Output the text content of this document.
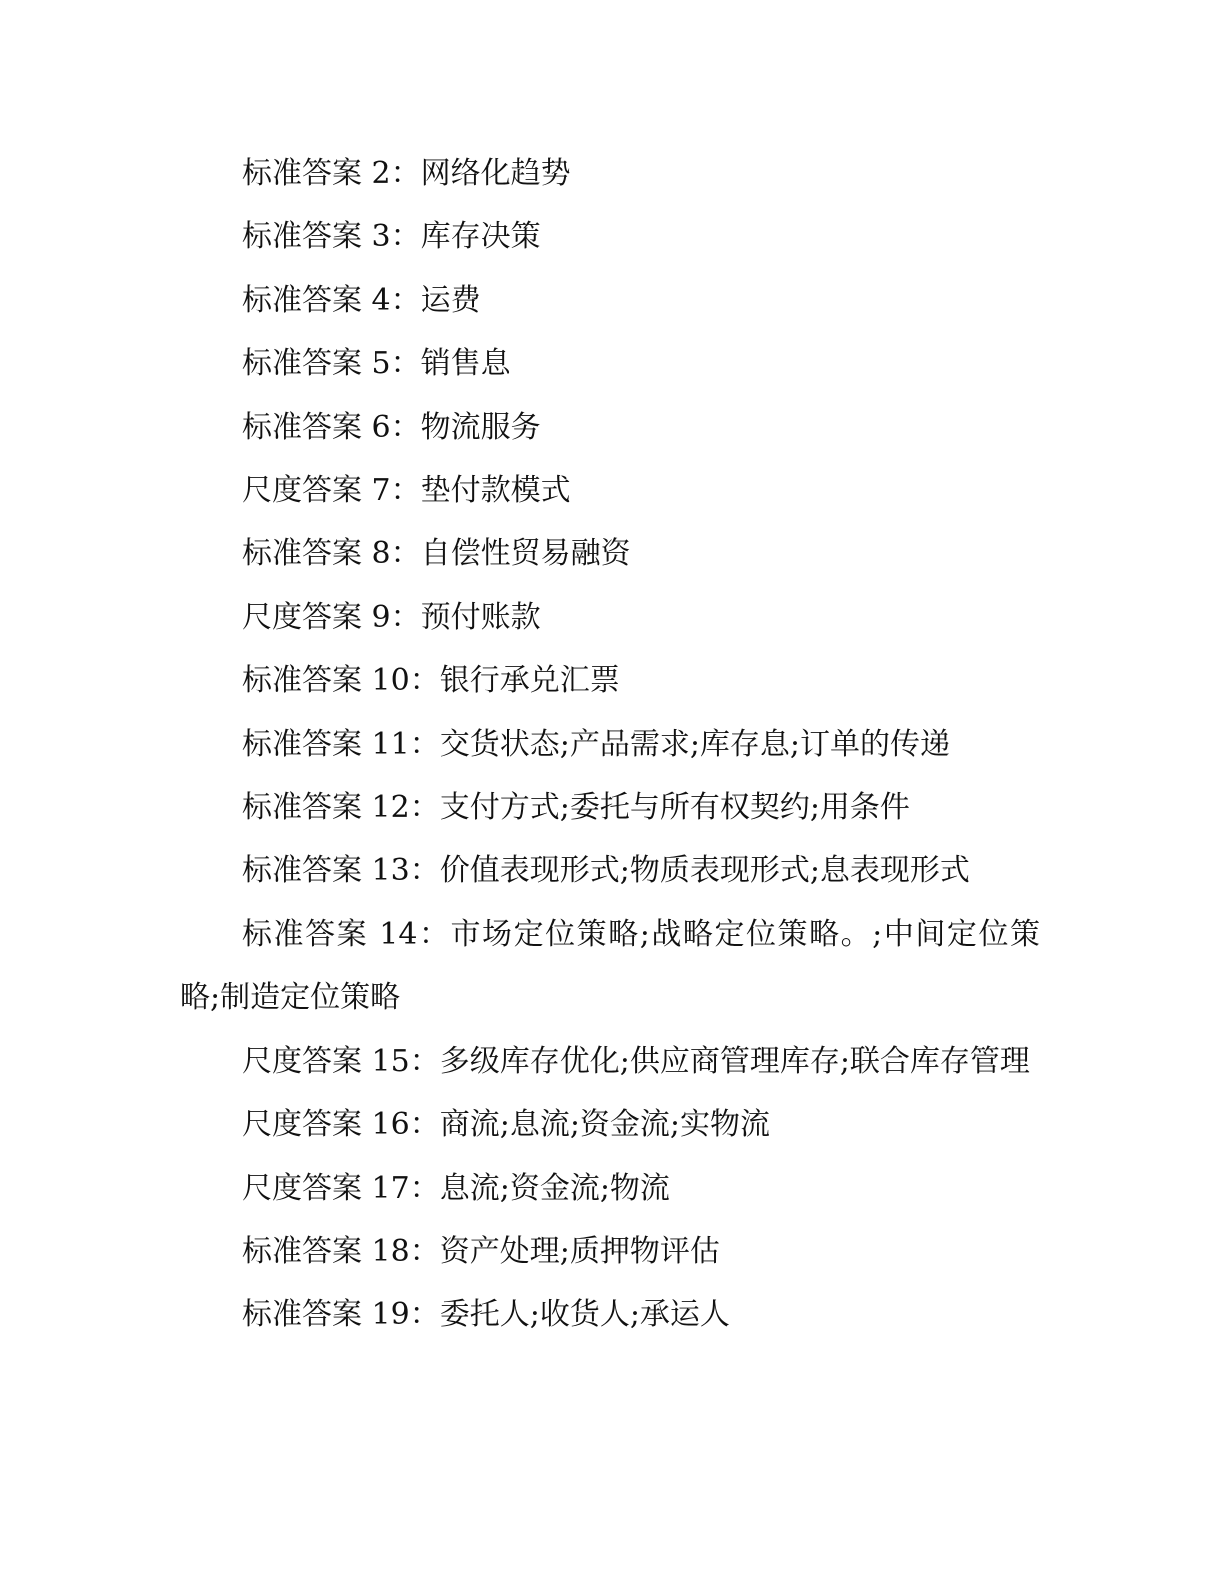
标准答案 2：网络化趋势

标准答案 3：库存决策

标准答案 4：运费

标准答案 5：销售息

标准答案 6：物流服务

尺度答案 7：垫付款模式

标准答案 8：自偿性贸易融资

尺度答案 9：预付账款

标准答案 10：银行承兑汇票

标准答案 11：交货状态;产品需求;库存息;订单的传递

标准答案 12：支付方式;委托与所有权契约;用条件

标准答案 13：价值表现形式;物质表现形式;息表现形式

标准答案 14：市场定位策略;战略定位策略。;中间定位策略;制造定位策略

尺度答案 15：多级库存优化;供应商管理库存;联合库存管理

尺度答案 16：商流;息流;资金流;实物流

尺度答案 17：息流;资金流;物流

标准答案 18：资产处理;质押物评估

标准答案 19：委托人;收货人;承运人
